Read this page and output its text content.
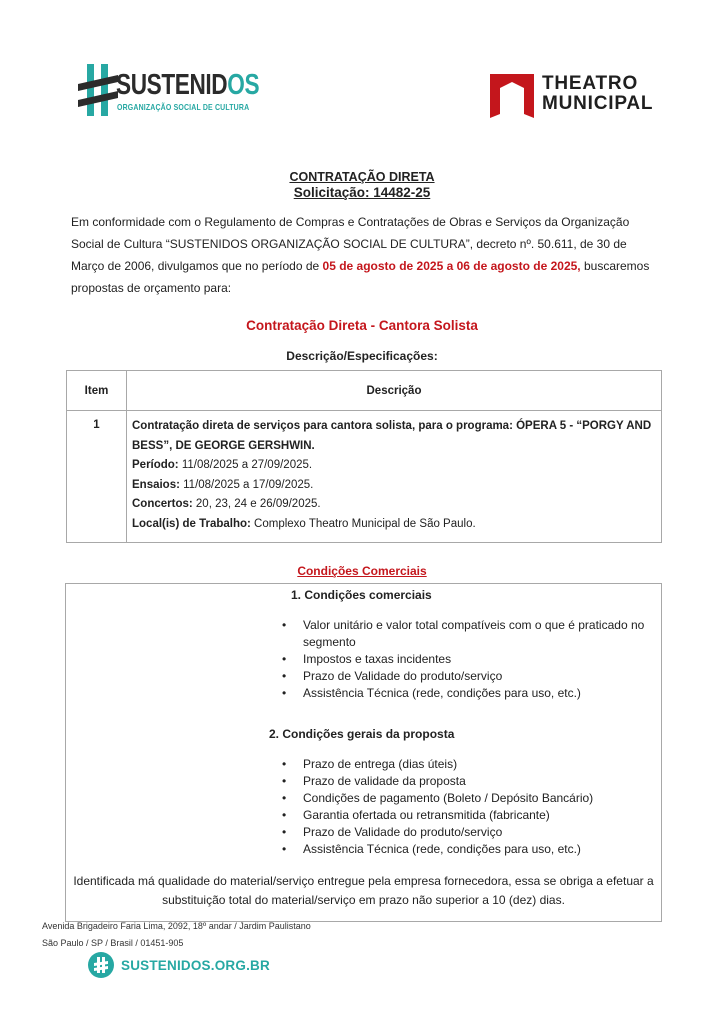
SUSTENIDOS
ORGANIZAÇÃO SOCIAL DE CULTURA
THEATRO
MUNICIPAL
CONTRATAÇÃO DIRETA
Solicitação: 14482-25
Em conformidade com o Regulamento de Compras e Contratações de Obras e Serviços da Organização Social de Cultura “SUSTENIDOS ORGANIZAÇÃO SOCIAL DE CULTURA”, decreto nº. 50.611, de 30 de Março de 2006, divulgamos que no período de 05 de agosto de 2025 a 06 de agosto de 2025, buscaremos propostas de orçamento para:
Contratação Direta - Cantora Solista
Descrição/Especificações:
Item	Descrição
1	Contratação direta de serviços para cantora solista, para o programa: ÓPERA 5 - “PORGY AND BESS”, DE GEORGE GERSHWIN.
Período: 11/08/2025 a 27/09/2025.
Ensaios: 11/08/2025 a 17/09/2025.
Concertos: 20, 23, 24 e 26/09/2025.
Local(is) de Trabalho: Complexo Theatro Municipal de São Paulo.
Condições Comerciais
1. Condições comerciais
• Valor unitário e valor total compatíveis com o que é praticado no segmento
• Impostos e taxas incidentes
• Prazo de Validade do produto/serviço
• Assistência Técnica (rede, condições para uso, etc.)
2. Condições gerais da proposta
• Prazo de entrega (dias úteis)
• Prazo de validade da proposta
• Condições de pagamento (Boleto / Depósito Bancário)
• Garantia ofertada ou retransmitida (fabricante)
• Prazo de Validade do produto/serviço
• Assistência Técnica (rede, condições para uso, etc.)
Identificada má qualidade do material/serviço entregue pela empresa fornecedora, essa se obriga a efetuar a substituição total do material/serviço em prazo não superior a 10 (dez) dias.
Avenida Brigadeiro Faria Lima, 2092, 18º andar / Jardim Paulistano
São Paulo / SP / Brasil / 01451-905
SUSTENIDOS.ORG.BR
